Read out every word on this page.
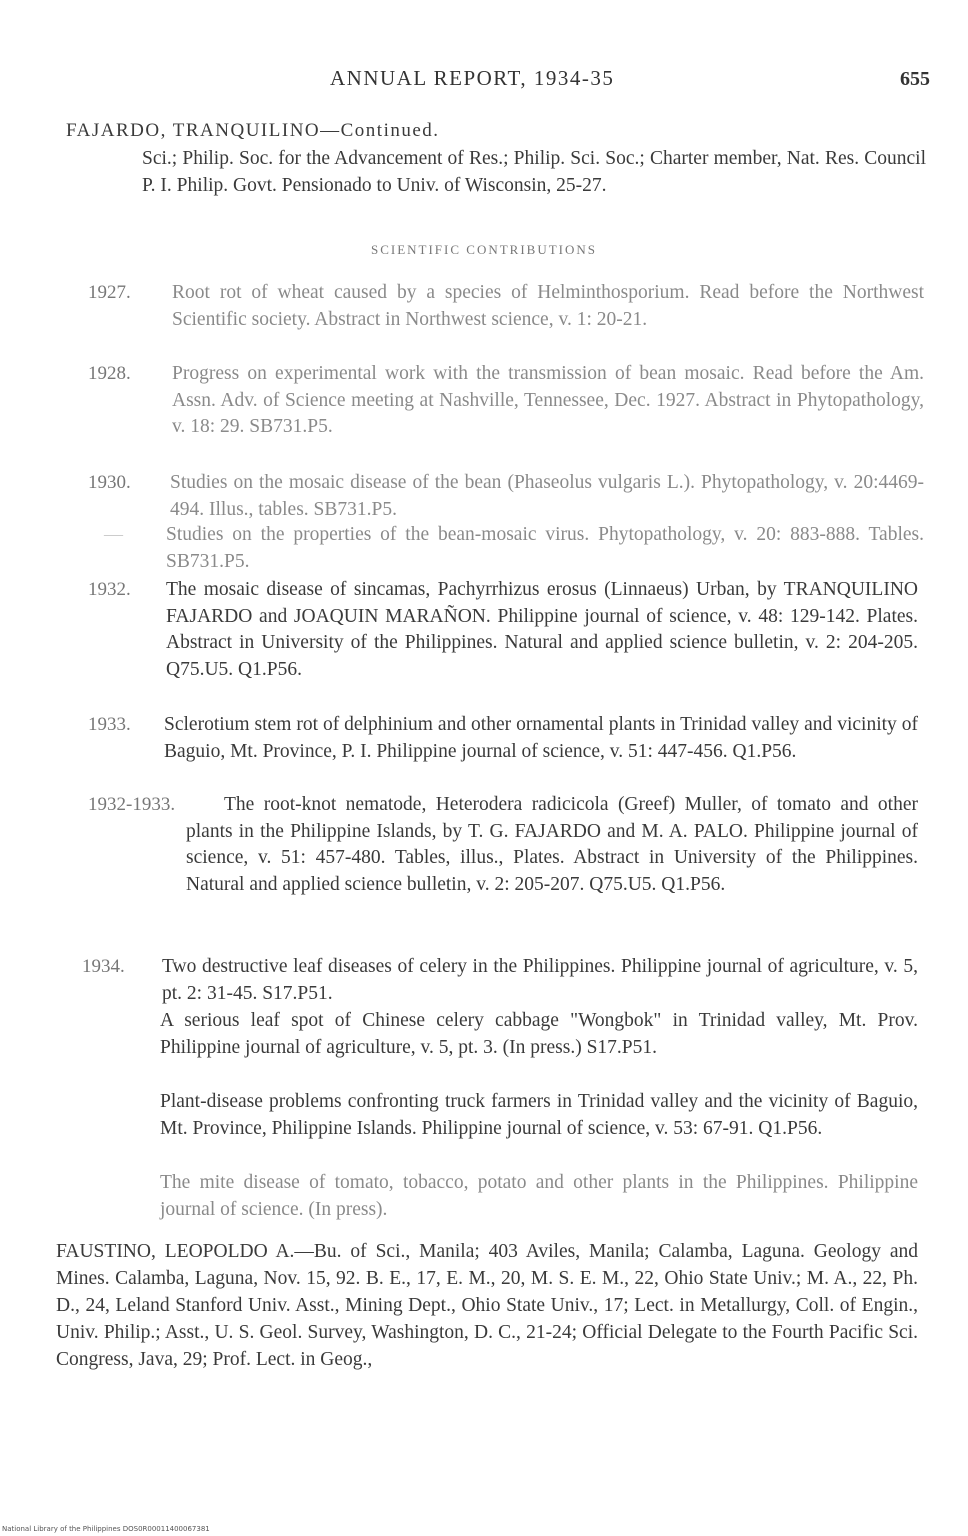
ANNUAL REPORT, 1934-35	655
FAJARDO, TRANQUILINO—Continued.
Sci.; Philip. Soc. for the Advancement of Res.; Philip. Sci. Soc.; Charter member, Nat. Res. Council P. I. Philip. Govt. Pensionado to Univ. of Wisconsin, 25-27.
SCIENTIFIC CONTRIBUTIONS
1927. Root rot of wheat caused by a species of Helminthosporium. Read before the Northwest Scientific society. Abstract in Northwest science, v. 1: 20-21.
1928. Progress on experimental work with the transmission of bean mosaic. Read before the Am. Assn. Adv. of Science meeting at Nashville, Tennessee, Dec. 1927. Abstract in Phytopathology, v. 18: 29. SB731.P5.
1930. Studies on the mosaic disease of the bean (Phaseolus vulgaris L.). Phytopathology, v. 20:4469-494. Illus., tables. SB731.P5.
— Studies on the properties of the bean-mosaic virus. Phytopathology, v. 20: 883-888. Tables. SB731.P5.
1932. The mosaic disease of sincamas, Pachyrrhizus erosus (Linnaeus) Urban, by TRANQUILINO FAJARDO and JOAQUIN MARAÑON. Philippine journal of science, v. 48: 129-142. Plates. Abstract in University of the Philippines. Natural and applied science bulletin, v. 2: 204-205. Q75.U5. Q1.P56.
1933. Sclerotium stem rot of delphinium and other ornamental plants in Trinidad valley and vicinity of Baguio, Mt. Province, P. I. Philippine journal of science, v. 51: 447-456. Q1.P56.
1932-1933.	The root-knot nematode, Heterodera radicicola (Greef) Muller, of tomato and other plants in the Philippine Islands, by T. G. FAJARDO and M. A. PALO. Philippine journal of science, v. 51: 457-480. Tables, illus., Plates. Abstract in University of the Philippines. Natural and applied science bulletin, v. 2: 205-207. Q75.U5. Q1.P56.
1934. Two destructive leaf diseases of celery in the Philippines. Philippine journal of agriculture, v. 5, pt. 2: 31-45. S17.P51.
A serious leaf spot of Chinese celery cabbage "Wongbok" in Trinidad valley, Mt. Prov. Philippine journal of agriculture, v. 5, pt. 3. (In press.) S17.P51.
Plant-disease problems confronting truck farmers in Trinidad valley and the vicinity of Baguio, Mt. Province, Philippine Islands. Philippine journal of science, v. 53: 67-91. Q1.P56.
The mite disease of tomato, tobacco, potato and other plants in the Philippines. Philippine journal of science. (In press).
FAUSTINO, LEOPOLDO A.—Bu. of Sci., Manila; 403 Aviles, Manila; Calamba, Laguna. Geology and Mines. Calamba, Laguna, Nov. 15, 92. B. E., 17, E. M., 20, M. S. E. M., 22, Ohio State Univ.; M. A., 22, Ph. D., 24, Leland Stanford Univ. Asst., Mining Dept., Ohio State Univ., 17; Lect. in Metallurgy, Coll. of Engin., Univ. Philip.; Asst., U. S. Geol. Survey, Washington, D. C., 21-24; Official Delegate to the Fourth Pacific Sci. Congress, Java, 29; Prof. Lect. in Geog.,
National Library of the Philippines DOS0R00011400067381
